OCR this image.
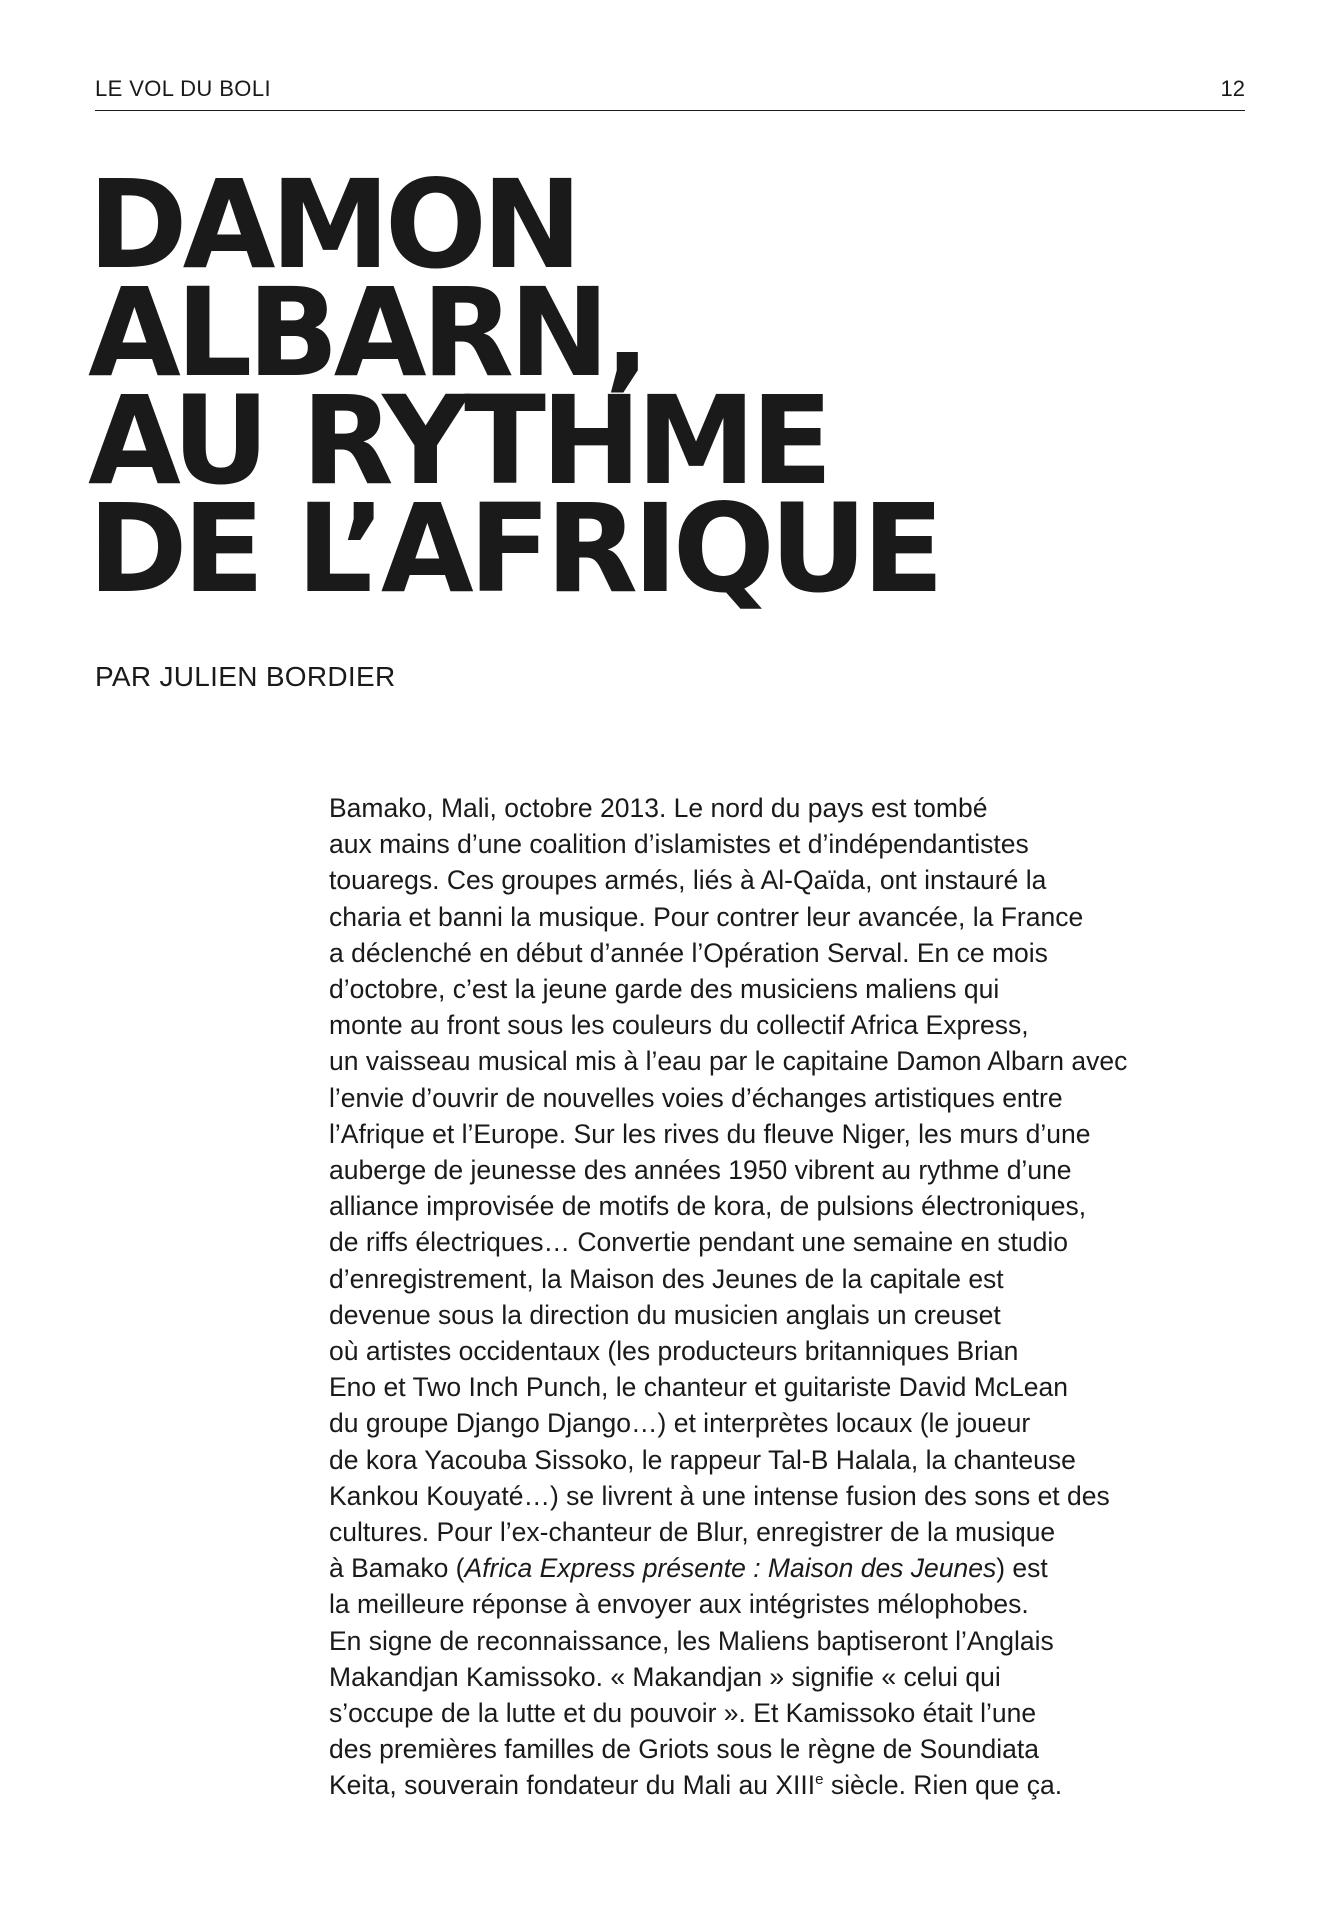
LE VOL DU BOLI	12
DAMON
ALBARN,
AU RYTHME
DE L’AFRIQUE
PAR JULIEN BORDIER
Bamako, Mali, octobre 2013. Le nord du pays est tombé
aux mains d’une coalition d’islamistes et d’indépendantistes
touaregs. Ces groupes armés, liés à Al-Qaïda, ont instauré la
charia et banni la musique. Pour contrer leur avancée, la France
a déclenché en début d’année l’Opération Serval. En ce mois
d’octobre, c’est la jeune garde des musiciens maliens qui
monte au front sous les couleurs du collectif Africa Express,
un vaisseau musical mis à l’eau par le capitaine Damon Albarn avec
l’envie d’ouvrir de nouvelles voies d’échanges artistiques entre
l’Afrique et l’Europe. Sur les rives du fleuve Niger, les murs d’une
auberge de jeunesse des années 1950 vibrent au rythme d’une
alliance improvisée de motifs de kora, de pulsions électroniques,
de riffs électriques… Convertie pendant une semaine en studio
d’enregistrement, la Maison des Jeunes de la capitale est
devenue sous la direction du musicien anglais un creuset
où artistes occidentaux (les producteurs britanniques Brian
Eno et Two Inch Punch, le chanteur et guitariste David McLean
du groupe Django Django…) et interprètes locaux (le joueur
de kora Yacouba Sissoko, le rappeur Tal-B Halala, la chanteuse
Kankou Kouyaté…) se livrent à une intense fusion des sons et des
cultures. Pour l’ex-chanteur de Blur, enregistrer de la musique
à Bamako (Africa Express présente : Maison des Jeunes) est
la meilleure réponse à envoyer aux intégristes mélophobes.
En signe de reconnaissance, les Maliens baptiseront l’Anglais
Makandjan Kamissoko. « Makandjan » signifie « celui qui
s’occupe de la lutte et du pouvoir ». Et Kamissoko était l’une
des premières familles de Griots sous le règne de Soundiata
Keita, souverain fondateur du Mali au XIIIe siècle. Rien que ça.
